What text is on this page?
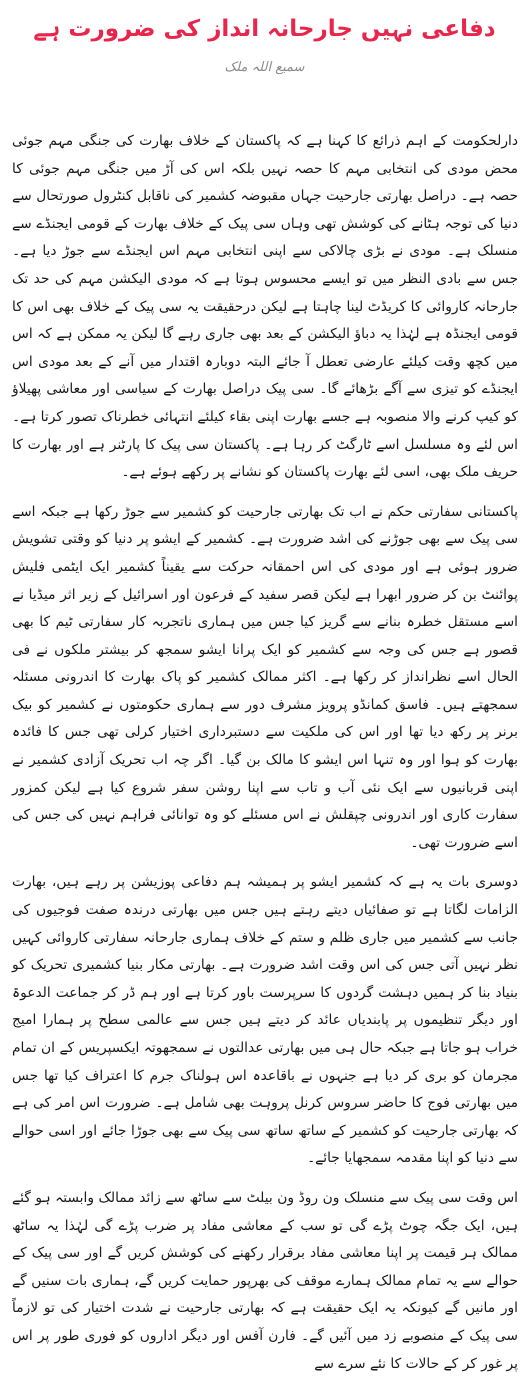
دفاعی نہیں جارحانہ انداز کی ضرورت ہے
سمیع اللہ ملک

دارلحکومت کے اہم ذرائع کا کہنا ہے کہ پاکستان کے خلاف بھارت کی جنگی مہم جوئی محض مودی کی انتخابی مہم کا حصہ نہیں بلکہ اس کی آڑ میں جنگی مہم جوئی کا حصہ ہے۔ دراصل بھارتی جارحیت جہاں مقبوضہ کشمیر کی ناقابل کنٹرول صورتحال سے دنیا کی توجہ ہٹانے کی کوشش تھی وہاں سی پیک کے خلاف بھارت کے قومی ایجنڈے سے منسلک ہے۔ مودی نے بڑی چالاکی سے اپنی انتخابی مہم اس ایجنڈے سے جوڑ دیا ہے۔ جس سے بادی النظر میں تو ایسے محسوس ہوتا ہے کہ مودی الیکشن مہم کی حد تک جارحانہ کاروائی کا کریڈٹ لینا چاہتا ہے لیکن درحقیقت یہ سی پیک کے خلاف بھی اس کا قومی ایجنڈہ ہے لہٰذا یہ دباؤ الیکشن کے بعد بھی جاری رہے گا لیکن یہ ممکن ہے کہ اس میں کچھ وقت کیلئے عارضی تعطل آ جائے البتہ دوبارہ اقتدار میں آنے کے بعد مودی اس ایجنڈے کو تیزی سے آگے بڑھائے گا۔ سی پیک دراصل بھارت کے سیاسی اور معاشی پھیلاؤ کو کیپ کرنے والا منصوبہ ہے جسے بھارت اپنی بقاء کیلئے انتہائی خطرناک تصور کرتا ہے۔ اس لئے وہ مسلسل اسے ٹارگٹ کر رہا ہے۔ پاکستان سی پیک کا پارٹنر ہے اور بھارت کا حریف ملک بھی، اسی لئے بھارت پاکستان کو نشانے پر رکھے ہوئے ہے۔

پاکستانی سفارتی حکم نے اب تک بھارتی جارحیت کو کشمیر سے جوڑ رکھا ہے جبکہ اسے سی پیک سے بھی جوڑنے کی اشد ضرورت ہے۔ کشمیر کے ایشو پر دنیا کو وقتی تشویش ضرور ہوئی ہے اور مودی کی اس احمقانہ حرکت سے یقیناً کشمیر ایک ایٹمی فلیش پوائنٹ بن کر ضرور ابھرا ہے لیکن قصر سفید کے فرعون اور اسرائیل کے زیر اثر میڈیا نے اسے مستقل خطرہ بنانے سے گریز کیا جس میں ہماری ناتجربہ کار سفارتی ٹیم کا بھی قصور ہے جس کی وجہ سے کشمیر کو ایک پرانا ایشو سمجھ کر بیشتر ملکوں نے فی الحال اسے نظرانداز کر رکھا ہے۔ اکثر ممالک کشمیر کو پاک بھارت کا اندرونی مسئلہ سمجھتے ہیں۔ فاسق کمانڈو پرویز مشرف دور سے ہماری حکومتوں نے کشمیر کو بیک برنر پر رکھ دیا تھا اور اس کی ملکیت سے دستبرداری اختیار کرلی تھی جس کا فائدہ بھارت کو ہوا اور وہ تنہا اس ایشو کا مالک بن گیا۔ اگر چہ اب تحریک آزادی کشمیر نے اپنی قربانیوں سے ایک نئی آب و تاب سے اپنا روشن سفر شروع کیا ہے لیکن کمزور سفارت کاری اور اندرونی چپقلش نے اس مسئلے کو وہ توانائی فراہم نہیں کی جس کی اسے ضرورت تھی۔

دوسری بات یہ ہے کہ کشمیر ایشو پر ہمیشہ ہم دفاعی پوزیشن پر رہے ہیں، بھارت الزامات لگاتا ہے تو صفائیاں دیتے رہتے ہیں جس میں بھارتی درندہ صفت فوجیوں کی جانب سے کشمیر میں جاری ظلم و ستم کے خلاف ہماری جارحانہ سفارتی کاروائی کہیں نظر نہیں آتی جس کی اس وقت اشد ضرورت ہے۔ بھارتی مکار بنیا کشمیری تحریک کو بنیاد بنا کر ہمیں دہشت گردوں کا سرپرست باور کرتا ہے اور ہم ڈر کر جماعت الدعوۃ اور دیگر تنظیموں پر پابندیاں عائد کر دیتے ہیں جس سے عالمی سطح پر ہمارا امیج خراب ہو جاتا ہے جبکہ حال ہی میں بھارتی عدالتوں نے سمجھوتہ ایکسپریس کے ان تمام مجرمان کو بری کر دیا ہے جنہوں نے باقاعدہ اس ہولناک جرم کا اعتراف کیا تھا جس میں بھارتی فوج کا حاضر سروس کرنل پروہت بھی شامل ہے۔ ضرورت اس امر کی ہے کہ بھارتی جارحیت کو کشمیر کے ساتھ ساتھ سی پیک سے بھی جوڑا جائے اور اسی حوالے سے دنیا کو اپنا مقدمہ سمجھایا جائے۔

اس وقت سی پیک سے منسلک ون روڈ ون بیلٹ سے ساٹھ سے زائد ممالک وابستہ ہو گئے ہیں، ایک جگہ چوٹ پڑے گی تو سب کے معاشی مفاد پر ضرب پڑے گی لہٰذا یہ ساٹھ ممالک ہر قیمت پر اپنا معاشی مفاد برقرار رکھنے کی کوشش کریں گے اور سی پیک کے حوالے سے یہ تمام ممالک ہمارے موقف کی بھرپور حمایت کریں گے، ہماری بات سنیں گے اور مانیں گے کیونکہ یہ ایک حقیقت ہے کہ بھارتی جارحیت نے شدت اختیار کی تو لازماً سی پیک کے منصوبے زد میں آئیں گے۔ فارن آفس اور دیگر اداروں کو فوری طور پر اس پر غور کر کے حالات کا نئے سرے سے
